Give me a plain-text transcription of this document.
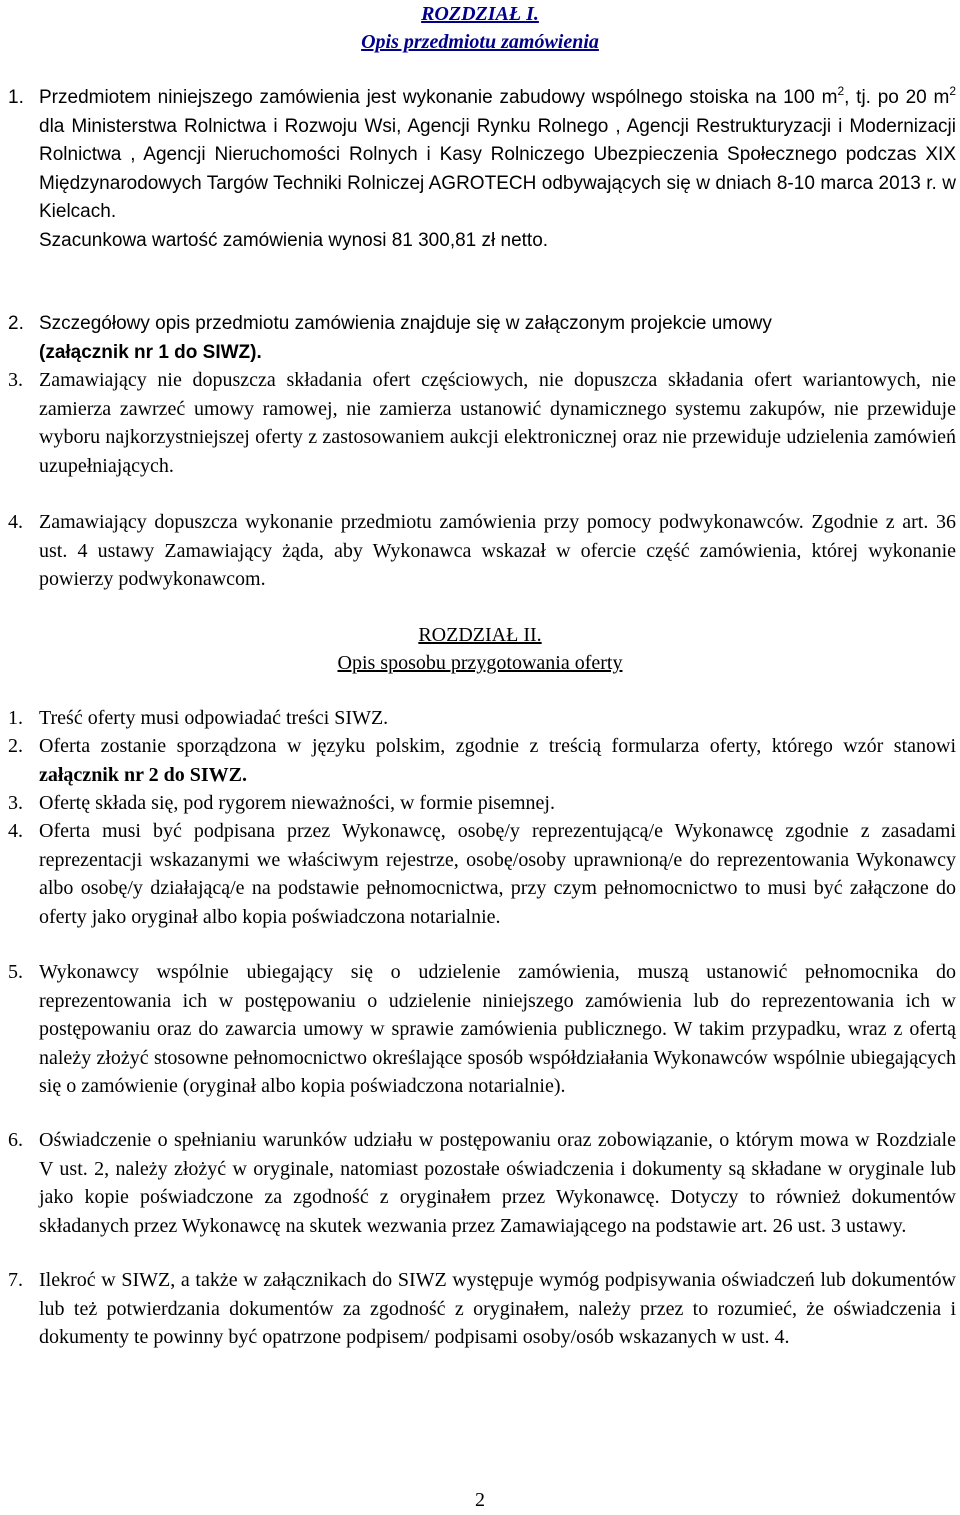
ROZDZIAŁ I.
Opis przedmiotu zamówienia
1. Przedmiotem niniejszego zamówienia jest wykonanie zabudowy wspólnego stoiska na 100 $m^2$, tj. po 20 $m^2$ dla Ministerstwa Rolnictwa i Rozwoju Wsi, Agencji Rynku Rolnego , Agencji Restrukturyzacji i Modernizacji Rolnictwa , Agencji Nieruchomości Rolnych i Kasy Rolniczego Ubezpieczenia Społecznego podczas XIX Międzynarodowych Targów Techniki Rolniczej AGROTECH odbywających się w dniach 8-10 marca 2013 r. w Kielcach.
Szacunkowa wartość zamówienia wynosi 81 300,81 zł netto.
2. Szczegółowy opis przedmiotu zamówienia znajduje się w załączonym projekcie umowy
(załącznik nr 1 do SIWZ).
3. Zamawiający nie dopuszcza składania ofert częściowych, nie dopuszcza składania ofert wariantowych, nie zamierza zawrzeć umowy ramowej, nie zamierza ustanowić dynamicznego systemu zakupów, nie przewiduje wyboru najkorzystniejszej oferty z zastosowaniem aukcji elektronicznej oraz nie przewiduje udzielenia zamówień uzupełniających.
4. Zamawiający dopuszcza wykonanie przedmiotu zamówienia przy pomocy podwykonawców. Zgodnie z art. 36 ust. 4 ustawy Zamawiający żąda, aby Wykonawca wskazał w ofercie część zamówienia, której wykonanie powierzy podwykonawcom.
ROZDZIAŁ II.
Opis sposobu przygotowania oferty
1. Treść oferty musi odpowiadać treści SIWZ.
2. Oferta zostanie sporządzona w języku polskim, zgodnie z treścią formularza oferty, którego wzór stanowi załącznik nr 2 do SIWZ.
3. Ofertę składa się, pod rygorem nieważności, w formie pisemnej.
4. Oferta musi być podpisana przez Wykonawcę, osobę/y reprezentującą/e Wykonawcę zgodnie z zasadami reprezentacji wskazanymi we właściwym rejestrze, osobę/osoby uprawnioną/e do reprezentowania Wykonawcy albo osobę/y działającą/e na podstawie pełnomocnictwa, przy czym pełnomocnictwo to musi być załączone do oferty jako oryginał albo kopia poświadczona notarialnie.
5. Wykonawcy wspólnie ubiegający się o udzielenie zamówienia, muszą ustanowić pełnomocnika do reprezentowania ich w postępowaniu o udzielenie niniejszego zamówienia lub do reprezentowania ich w postępowaniu oraz do zawarcia umowy w sprawie zamówienia publicznego. W takim przypadku, wraz z ofertą należy złożyć stosowne pełnomocnictwo określające sposób współdziałania Wykonawców wspólnie ubiegających się o zamówienie (oryginał albo kopia poświadczona notarialnie).
6. Oświadczenie o spełnianiu warunków udziału w postępowaniu oraz zobowiązanie, o którym mowa w Rozdziale V ust. 2, należy złożyć w oryginale, natomiast pozostałe oświadczenia i dokumenty są składane w oryginale lub jako kopie poświadczone za zgodność z oryginałem przez Wykonawcę. Dotyczy to również dokumentów składanych przez Wykonawcę na skutek wezwania przez Zamawiającego na podstawie art. 26 ust. 3 ustawy.
7. Ilekroć w SIWZ, a także w załącznikach do SIWZ występuje wymóg podpisywania oświadczeń lub dokumentów lub też potwierdzania dokumentów za zgodność z oryginałem, należy przez to rozumieć, że oświadczenia i dokumenty te powinny być opatrzone podpisem/ podpisami osoby/osób wskazanych w ust. 4.
2
